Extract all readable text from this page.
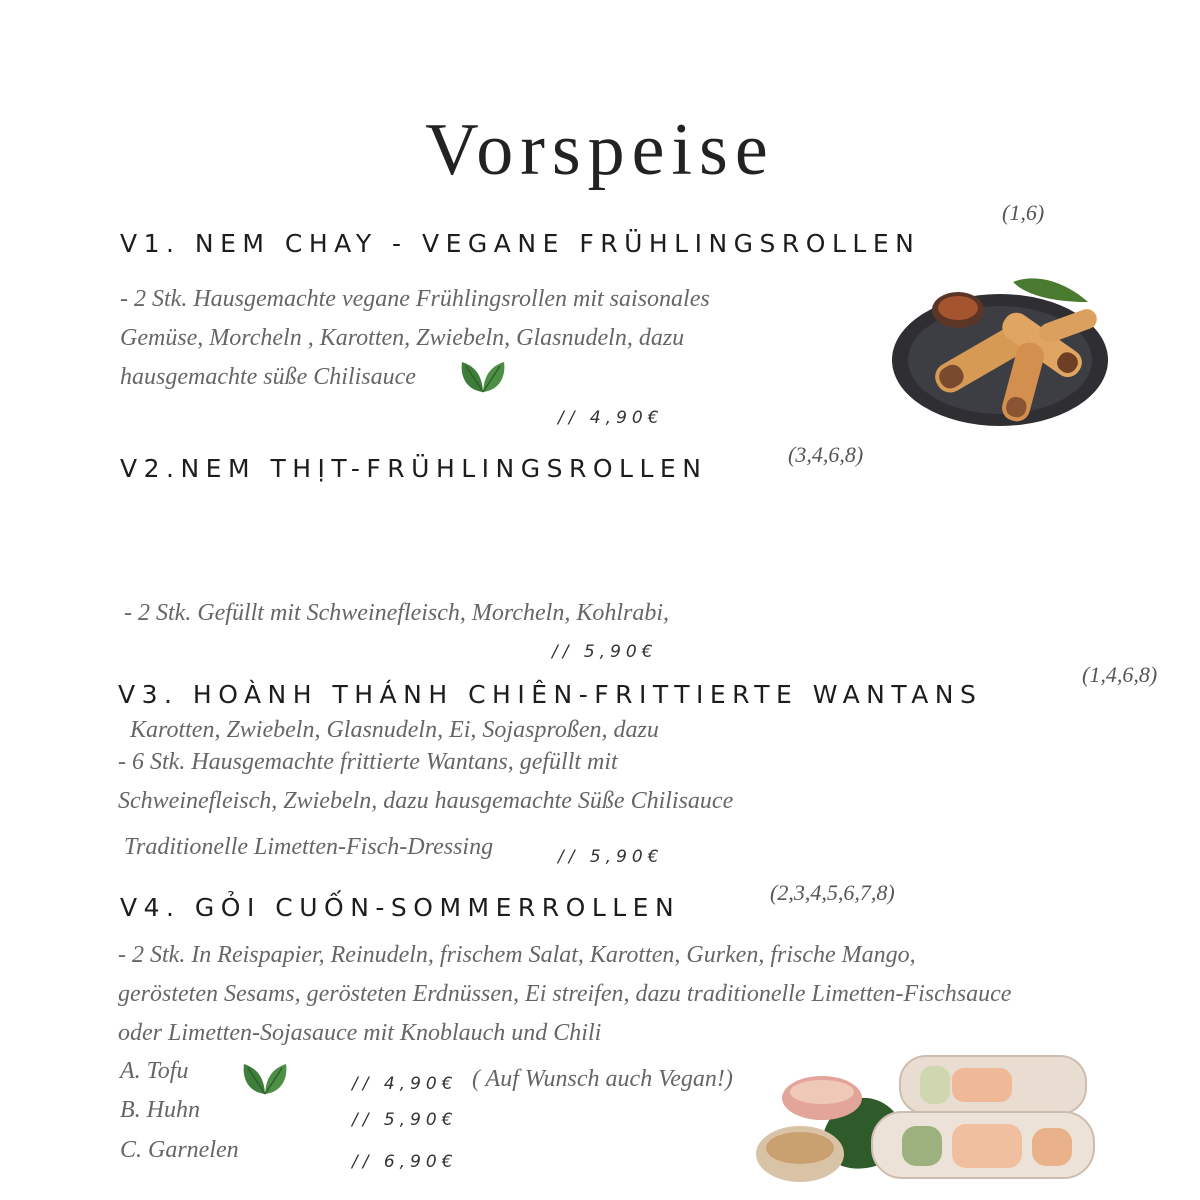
Vorspeise
(1,6)
V1. NEM CHAY - VEGANE FRÜHLINGSROLLEN
- 2 Stk. Hausgemachte vegane Frühlingsrollen mit saisonales
Gemüse, Morcheln , Karotten, Zwiebeln, Glasnudeln, dazu
hausgemachte süße Chilisauce
// 4,90€
V2.NEM THỊT-FRÜHLINGSROLLEN	(3,4,6,8)

- 2 Stk. Gefüllt mit Schweinefleisch, Morcheln, Kohlrabi,

Karotten, Zwiebeln, Glasnudeln, Ei, Sojasproßen, dazu

Traditionelle Limetten-Fisch-Dressing

// 5,90€
V3. HOÀNH THÁNH CHIÊN-FRITTIERTE WANTANS
(1,4,6,8)
- 6 Stk. Hausgemachte frittierte Wantans, gefüllt mit
Schweinefleisch, Zwiebeln, dazu hausgemachte Süße Chilisauce
// 5,90€
V4. GỎI CUỐN-SOMMERROLLEN
(2,3,4,5,6,7,8)
- 2 Stk. In Reispapier, Reinudeln, frischem Salat, Karotten, Gurken, frische Mango,
gerösteten Sesams, gerösteten Erdnüssen, Ei streifen, dazu traditionelle Limetten-Fischsauce
oder Limetten-Sojasauce mit Knoblauch und Chili
A. Tofu	// 4,90€ ( Auf Wunsch auch Vegan!)
B. Huhn	// 5,90€
C. Garnelen	// 6,90€
